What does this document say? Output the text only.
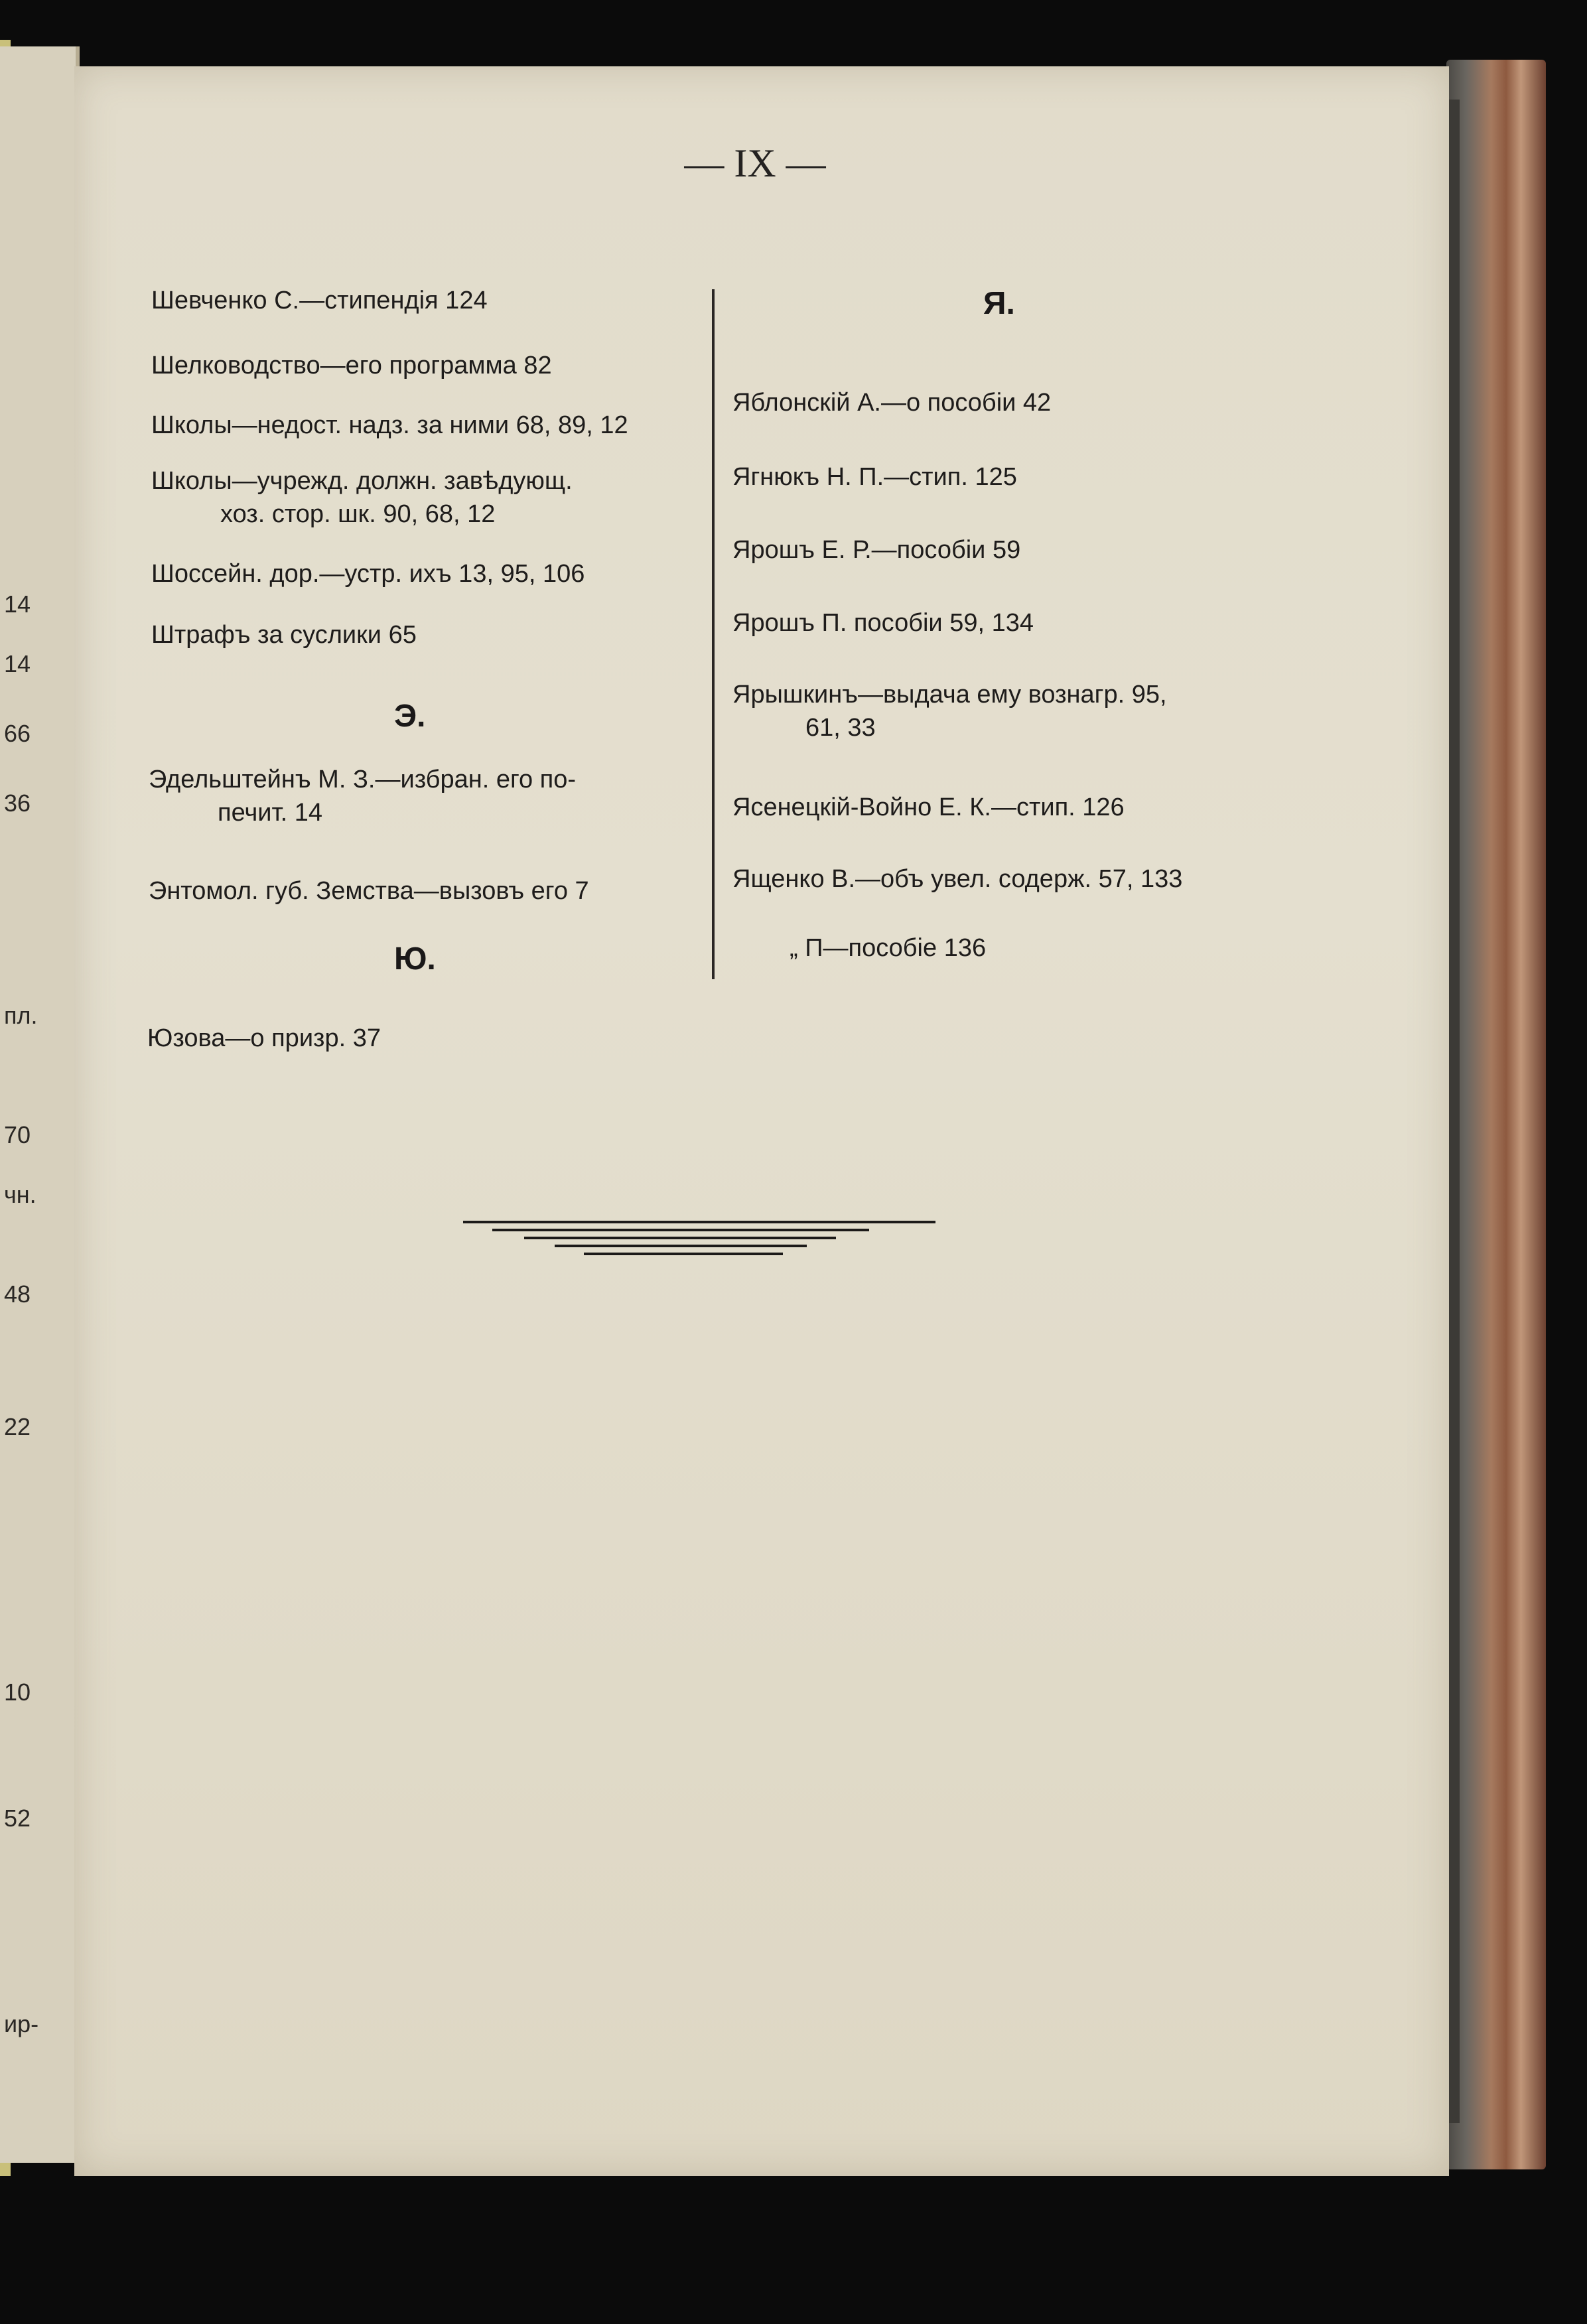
14
14
66
36
пл.
70
чн.
48
22
10
52
ир-
— IX —
Шевченко С.—стипендія 124
Шелководство—его программа 82
Школы—недост. надз. за ними 68, 89, 12
Школы—учрежд. должн. завѣдующ.
хоз. стор. шк. 90, 68, 12
Шоссейн. дор.—устр. ихъ 13, 95, 106
Штрафъ за суслики 65
Э.
Эдельштейнъ М. З.—избран. его по-
печит. 14
Энтомол. губ. Земства—вызовъ его 7
Ю.
Юзова—о призр. 37
Я.
Яблонскій А.—о пособіи 42
Ягнюкъ Н. П.—стип. 125
Ярошъ Е. Р.—пособіи 59
Ярошъ П. пособіи 59, 134
Ярышкинъ—выдача ему вознагр. 95,
61, 33
Ясенецкій-Войно Е. К.—стип. 126
Ященко В.—объ увел. содерж. 57, 133
„ П—пособіе 136
